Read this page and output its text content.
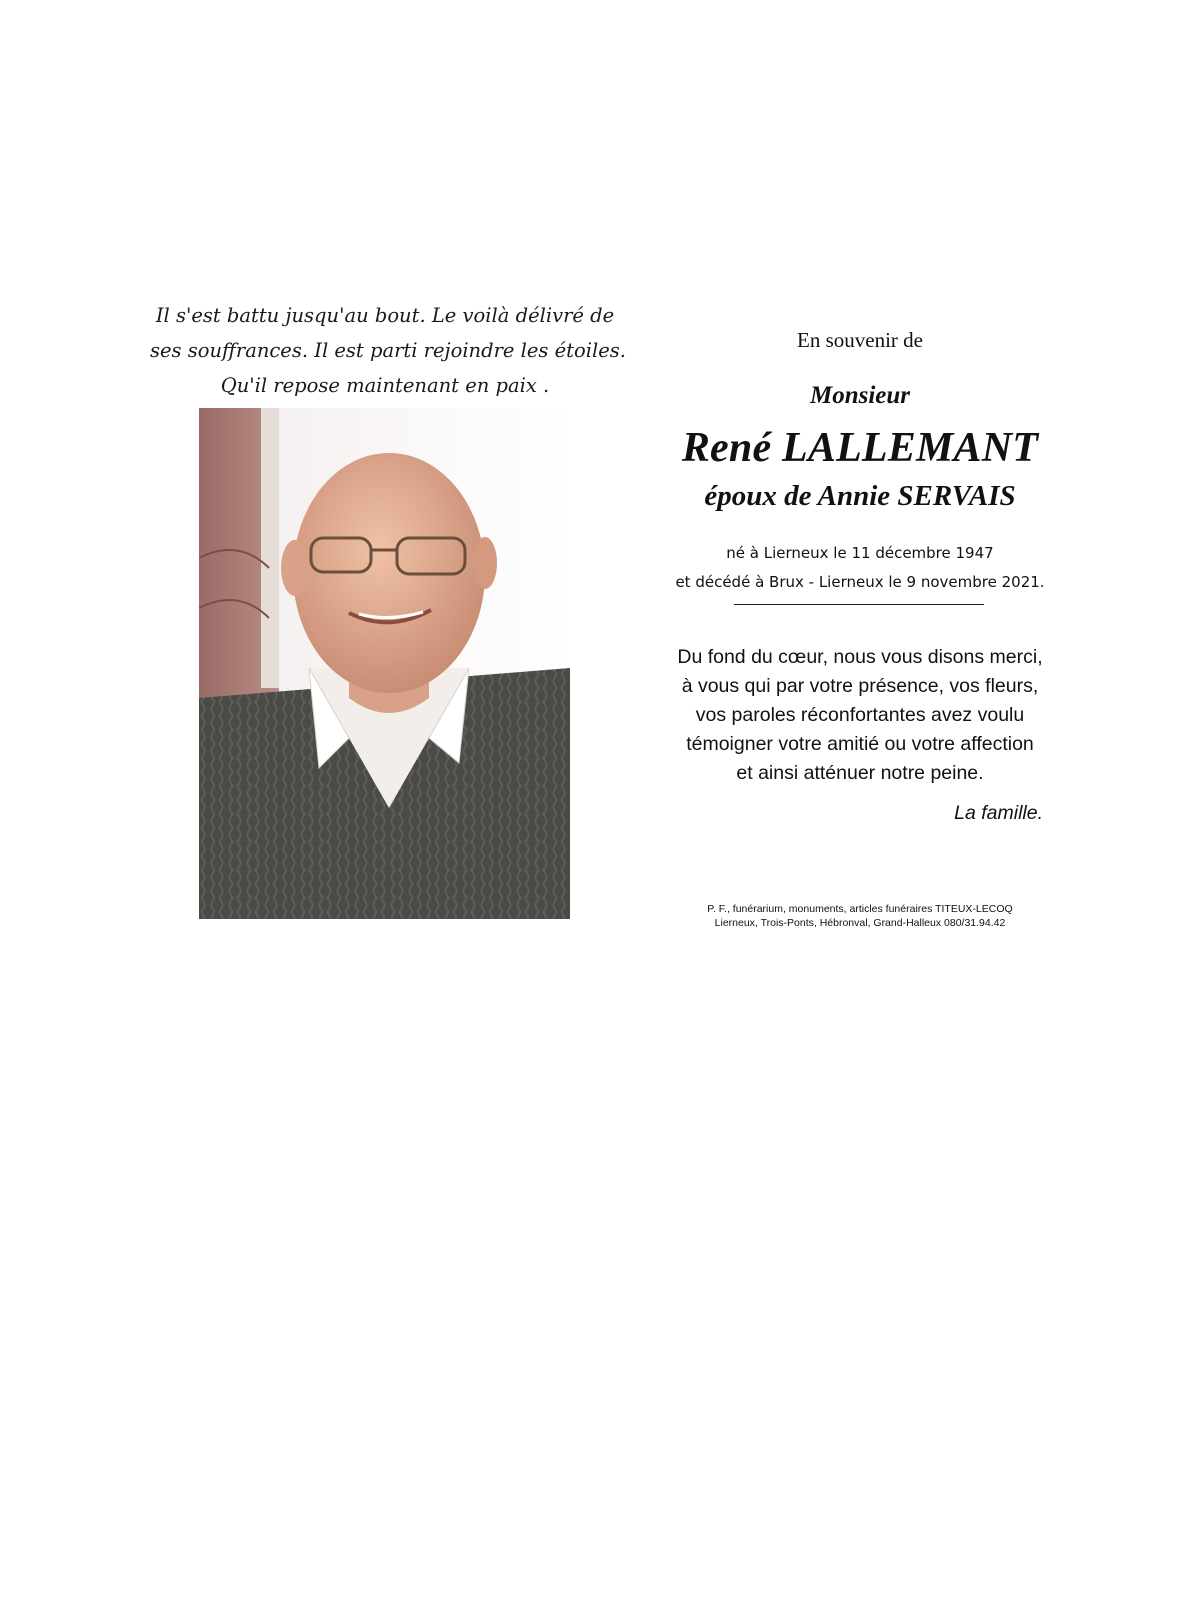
Il s'est battu jusqu'au bout. Le voilà délivré de
ses souffrances. Il est parti rejoindre les étoiles.
Qu'il repose maintenant en paix .
En souvenir de
Monsieur
René LALLEMANT
époux de Annie SERVAIS
né à Lierneux le 11 décembre 1947
et décédé à Brux - Lierneux le 9 novembre 2021.
Du fond du cœur, nous vous disons merci,
à vous qui par votre présence, vos fleurs,
vos paroles réconfortantes avez voulu
témoigner votre amitié ou votre affection
et ainsi atténuer notre peine.
La famille.
P. F., funérarium, monuments, articles funéraires TITEUX-LECOQ
Lierneux, Trois-Ponts, Hébronval, Grand-Halleux 080/31.94.42
